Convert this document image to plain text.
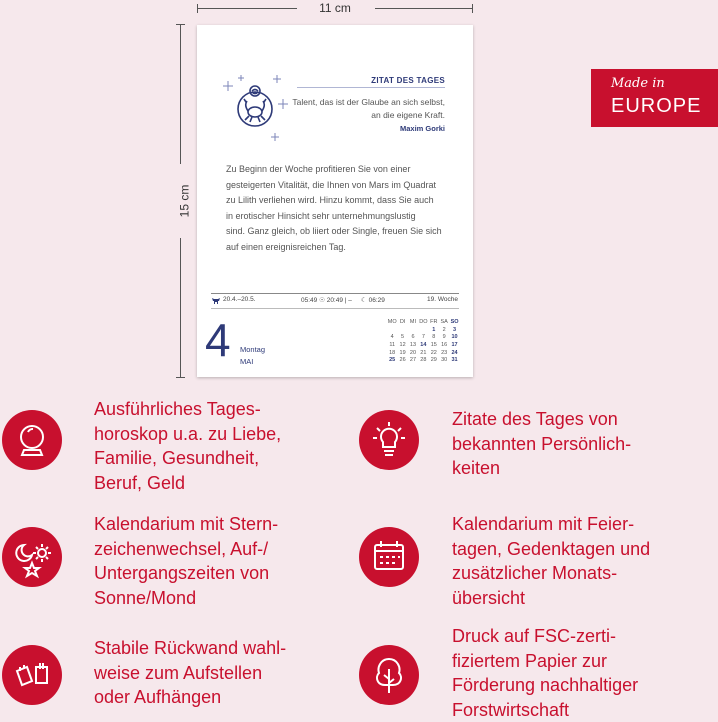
11 cm
15 cm
ZITAT DES TAGES
Talent, das ist der Glaube an sich selbst,
an die eigene Kraft.
Maxim Gorki
Zu Beginn der Woche profitieren Sie von einer
gesteigerten Vitalität, die Ihnen von Mars im Quadrat
zu Lilith verliehen wird. Hinzu kommt, dass Sie auch
in erotischer Hinsicht sehr unternehmungslustig
sind. Ganz gleich, ob liiert oder Single, freuen Sie sich
auf einen ereignisreichen Tag.
20.4.–20.5.	05:49 ☉ 20:49 | – ☾ 06:29	19. Woche
4 Montag
MAI
MO	DI	MI	DO	FR	SA	SO
				1	2	3
4	5	6	7	8	9	10
11	12	13	14	15	16	17
18	19	20	21	22	23	24
25	26	27	28	29	30	31
Made in
EUROPE
Ausführliches Tages-
horoskop u.a. zu Liebe,
Familie, Gesundheit,
Beruf, Geld
Zitate des Tages von
bekannten Persönlich-
keiten
Kalendarium mit Stern-
zeichenwechsel, Auf-/
Untergangszeiten von
Sonne/Mond
Kalendarium mit Feier-
tagen, Gedenktagen und
zusätzlicher Monats-
übersicht
Stabile Rückwand wahl-
weise zum Aufstellen
oder Aufhängen
Druck auf FSC-zerti-
fiziertem Papier zur
Förderung nachhaltiger
Forstwirtschaft
